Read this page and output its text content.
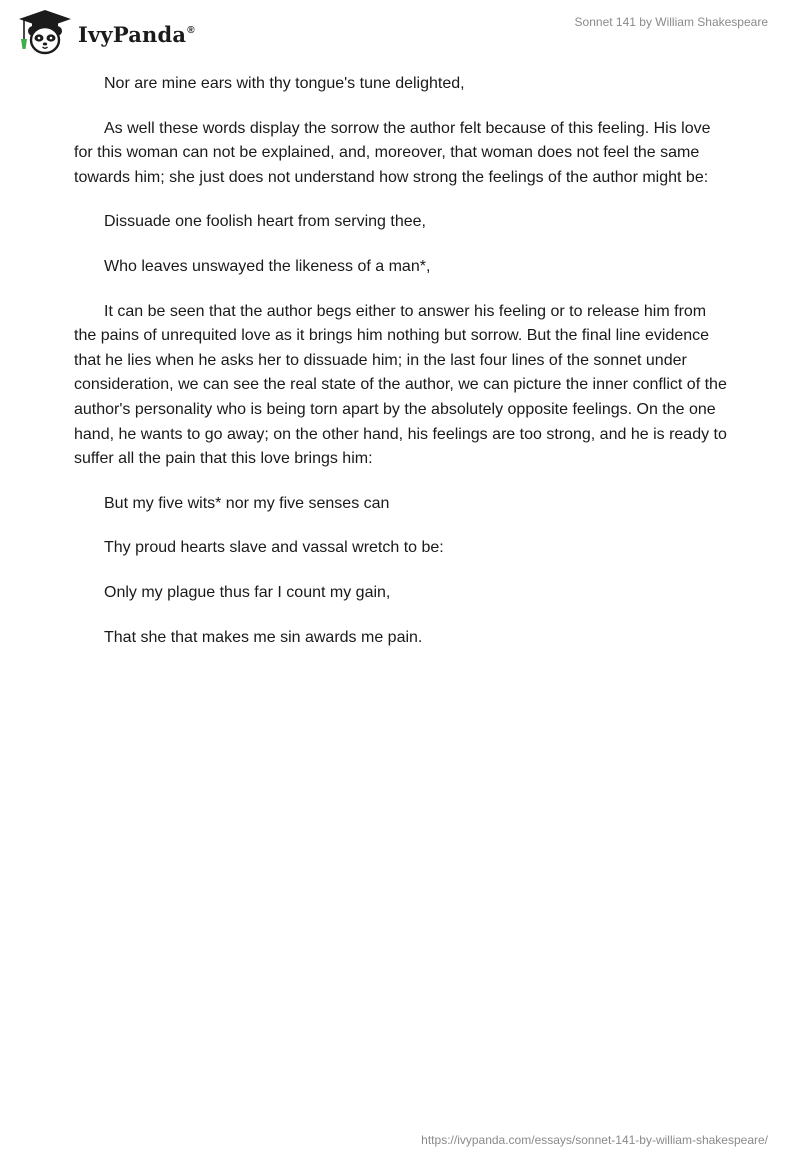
IvyPanda®
Sonnet 141 by William Shakespeare

Nor are mine ears with thy tongue's tune delighted,

As well these words display the sorrow the author felt because of this feeling. His love for this woman can not be explained, and, moreover, that woman does not feel the same towards him; she just does not understand how strong the feelings of the author might be:

Dissuade one foolish heart from serving thee,

Who leaves unswayed the likeness of a man*,

It can be seen that the author begs either to answer his feeling or to release him from the pains of unrequited love as it brings him nothing but sorrow. But the final line evidence that he lies when he asks her to dissuade him; in the last four lines of the sonnet under consideration, we can see the real state of the author, we can picture the inner conflict of the author's personality who is being torn apart by the absolutely opposite feelings. On the one hand, he wants to go away; on the other hand, his feelings are too strong, and he is ready to suffer all the pain that this love brings him:

But my five wits* nor my five senses can

Thy proud hearts slave and vassal wretch to be:

Only my plague thus far I count my gain,

That she that makes me sin awards me pain.

https://ivypanda.com/essays/sonnet-141-by-william-shakespeare/
